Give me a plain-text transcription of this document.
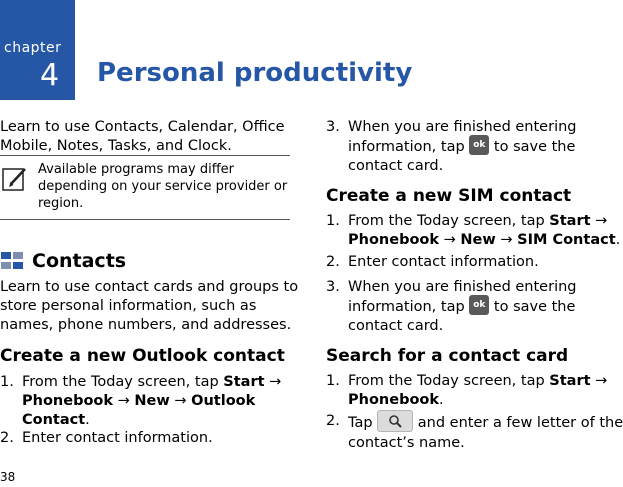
chapter
4 Personal productivity
Learn to use Contacts, Calendar, Office
Mobile, Notes, Tasks, and Clock.
Available programs may differ
depending on your service provider or
region.
Contacts
Learn to use contact cards and groups to
store personal information, such as
names, phone numbers, and addresses.
Create a new Outlook contact
1. From the Today screen, tap Start →
Phonebook → New → Outlook
Contact.
2. Enter contact information.
3. When you are finished entering
information, tap ok to save the
contact card.
Create a new SIM contact
1. From the Today screen, tap Start →
Phonebook → New → SIM Contact.
2. Enter contact information.
3. When you are finished entering
information, tap ok to save the
contact card.
Search for a contact card
1. From the Today screen, tap Start →
Phonebook.
2. Tap  and enter a few letter of the
contact’s name.
38
